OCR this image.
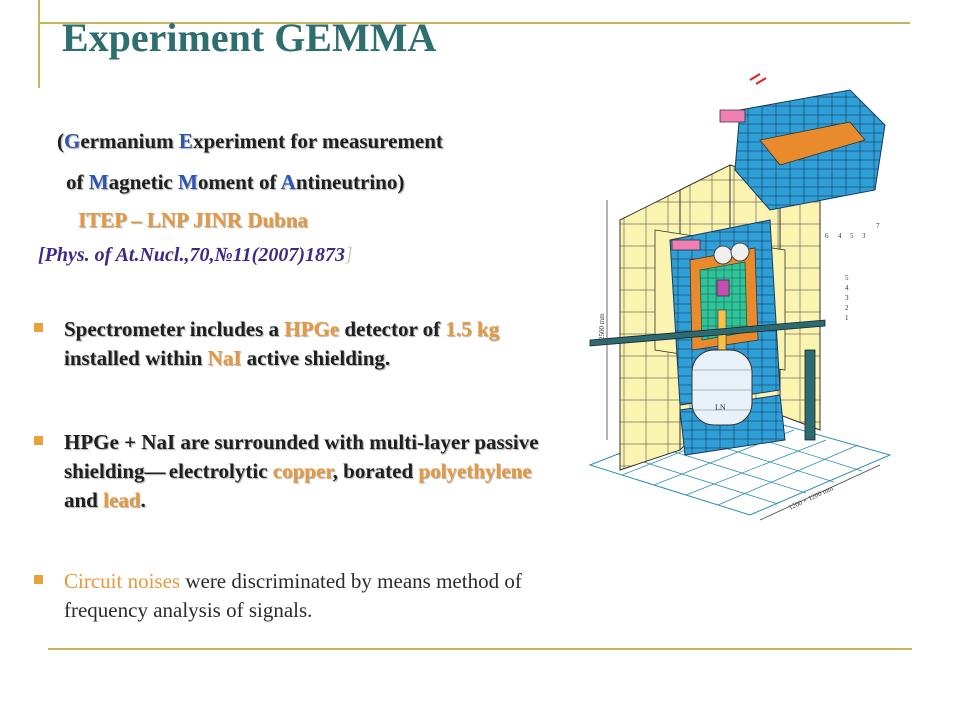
Experiment GEMMA
(Germanium Experiment for measurement
of Magnetic Moment of Antineutrino)
ITEP – LNP JINR Dubna
[Phys. of At.Nucl.,70,№11(2007)1873]
Spectrometer includes a HPGe detector of 1.5 kg installed within NaI active shielding.
HPGe + NaI are surrounded with multi-layer passive shielding— electrolytic copper, borated polyethylene and lead.
Circuit noises were discriminated by means method of frequency analysis of signals.
LN
2500 mm
1200 × 1200 mm
6 4 5 3
7
5
4
3
2
1
